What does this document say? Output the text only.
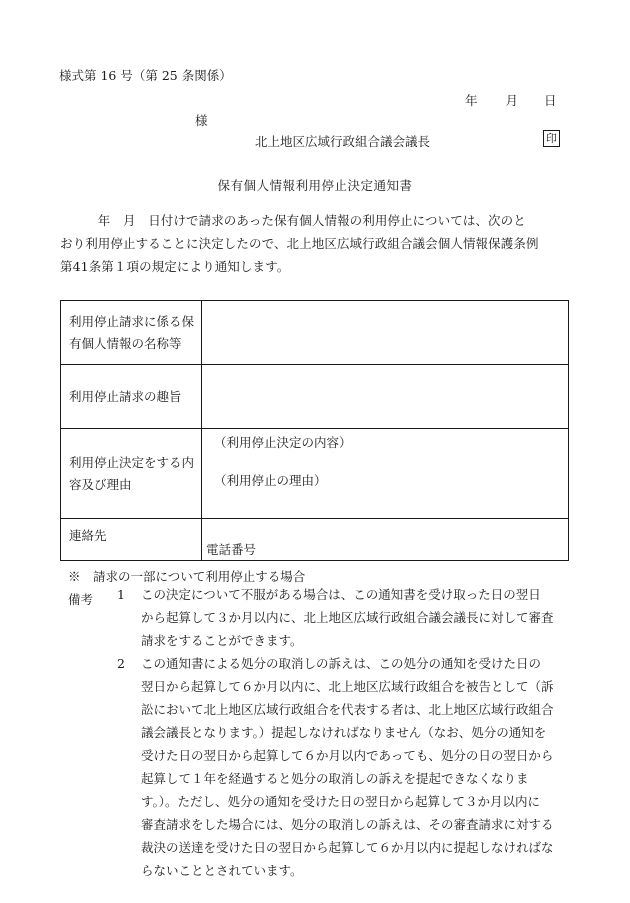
様式第 16 号（第 25 条関係）
年 月 日
様
北上地区広域行政組合議会議長	印
保有個人情報利用停止決定通知書
　　　年　月　日付けで請求のあった保有個人情報の利用停止については、次のと
おり利用停止することに決定したので、北上地区広域行政組合議会個人情報保護条例
第41条第１項の規定により通知します。
利用停止請求に係る保
有個人情報の名称等	

利用停止請求の趣旨	

利用停止決定をする内
容及び理由	（利用停止決定の内容）
（利用停止の理由）

連絡先	電話番号
※　請求の一部について利用停止する場合
備考 1 この決定について不服がある場合は、この通知書を受け取った日の翌日
から起算して３か月以内に、北上地区広域行政組合議会議長に対して審査
請求をすることができます。
2 この通知書による処分の取消しの訴えは、この処分の通知を受けた日の
翌日から起算して６か月以内に、北上地区広域行政組合を被告として（訴
訟において北上地区広域行政組合を代表する者は、北上地区広域行政組合
議会議長となります。）提起しなければなりません（なお、処分の通知を
受けた日の翌日から起算して６か月以内であっても、処分の日の翌日から
起算して１年を経過すると処分の取消しの訴えを提起できなくなりま
す。）。ただし、処分の通知を受けた日の翌日から起算して３か月以内に
審査請求をした場合には、処分の取消しの訴えは、その審査請求に対する
裁決の送達を受けた日の翌日から起算して６か月以内に提起しなければな
らないこととされています。
